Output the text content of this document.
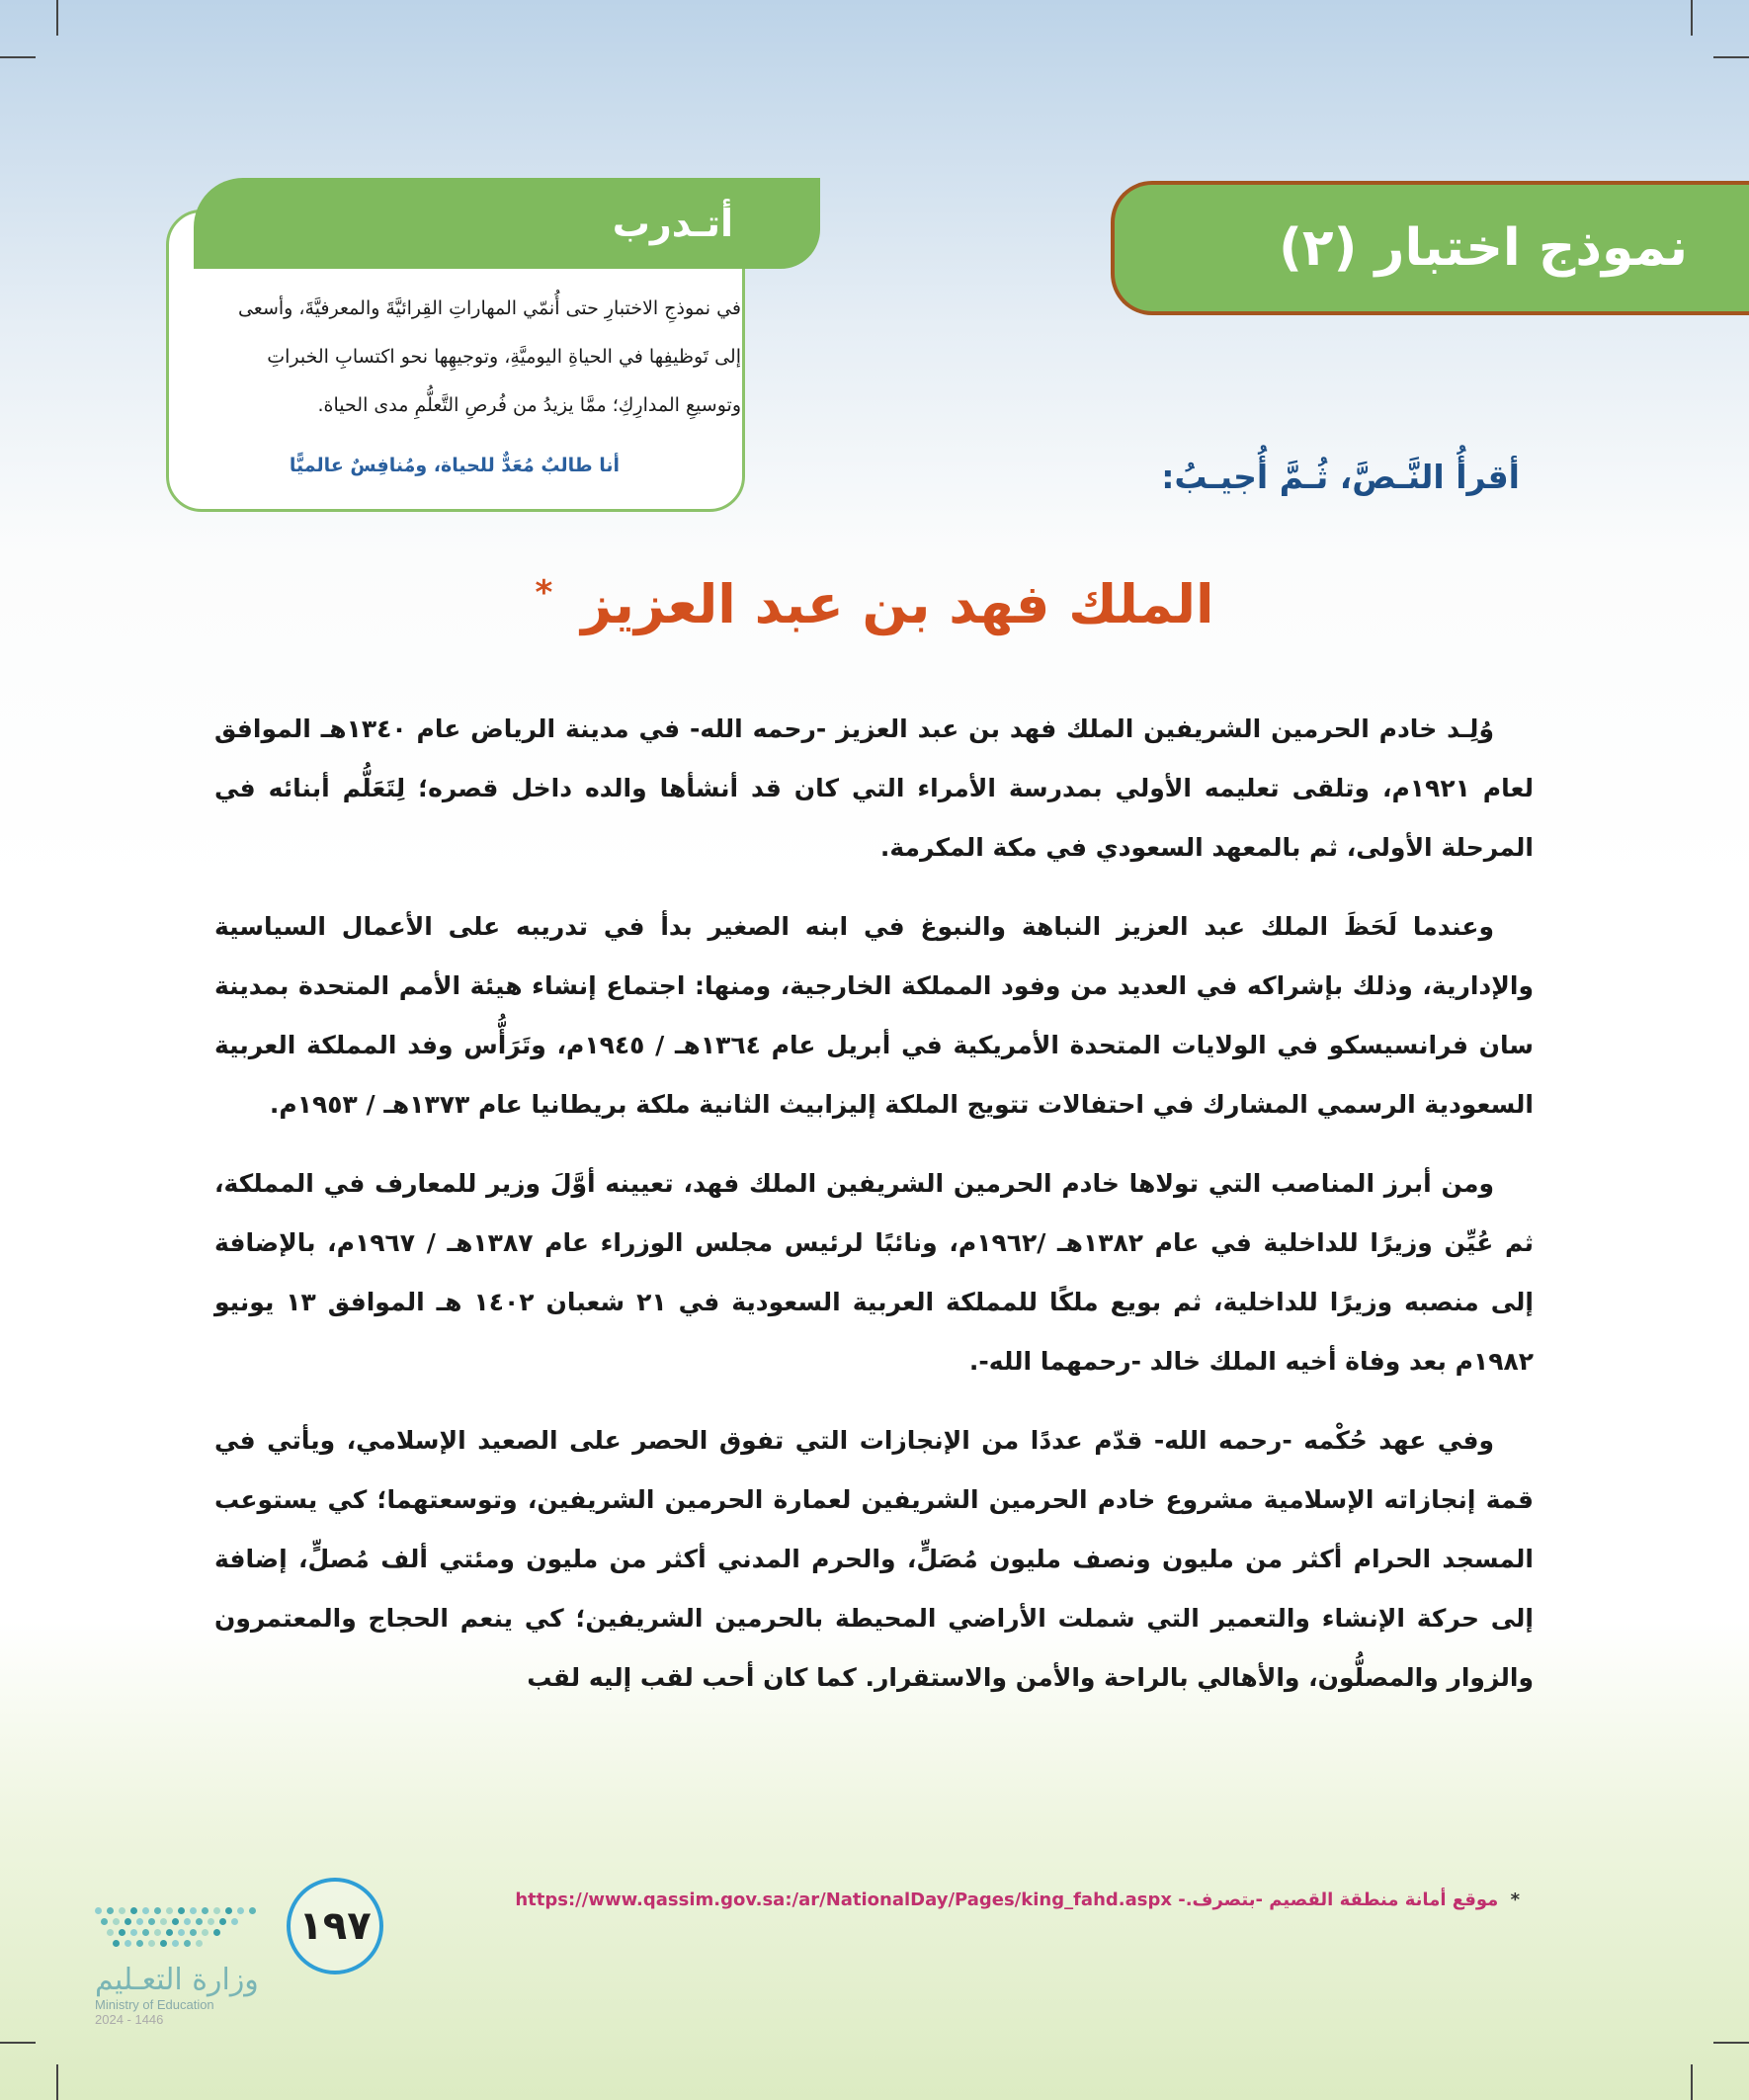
نموذج اختبار (٢)
أتـدرب

في نموذجِ الاختبارِ حتى أُنمّي المهاراتِ القِرائيَّةَ والمعرفيَّةَ، وأسعى

إلى تَوظيفِها في الحياةِ اليوميَّةِ، وتوجيهِها نحو اكتسابِ الخبراتِ

وتوسيعِ المدارِكِ؛ ممَّا يزيدُ من فُرصِ التَّعلُّمِ مدى الحياة.

أنا طالبٌ مُعَدٌّ للحياة، ومُنافِسٌ عالميًّا	أقرأُ النَّـصَّ، ثُـمَّ أُجيـبُ:
الملك فهد بن عبد العزيز *

وُلِـد خادم الحرمين الشريفين الملك فهد بن عبد العزيز -رحمه الله- في مدينة الرياض عام ١٣٤٠هـ الموافق لعام ١٩٢١م، وتلقى تعليمه الأولي بمدرسة الأمراء التي كان قد أنشأها والده داخل قصره؛ لِتَعَلُّم أبنائه في المرحلة الأولى، ثم بالمعهد السعودي في مكة المكرمة.

وعندما لَحَظَ الملك عبد العزيز النباهة والنبوغ في ابنه الصغير بدأ في تدريبه على الأعمال السياسية والإدارية، وذلك بإشراكه في العديد من وفود المملكة الخارجية، ومنها: اجتماع إنشاء هيئة الأمم المتحدة بمدينة سان فرانسيسكو في الولايات المتحدة الأمريكية في أبريل عام ١٣٦٤هـ / ١٩٤٥م، وتَرَأُّس وفد المملكة العربية السعودية الرسمي المشارك في احتفالات تتويج الملكة إليزابيث الثانية ملكة بريطانيا عام ١٣٧٣هـ / ١٩٥٣م.

ومن أبرز المناصب التي تولاها خادم الحرمين الشريفين الملك فهد، تعيينه أوَّلَ وزير للمعارف في المملكة، ثم عُيِّن وزيرًا للداخلية في عام ١٣٨٢هـ /١٩٦٢م، ونائبًا لرئيس مجلس الوزراء عام ١٣٨٧هـ / ١٩٦٧م، بالإضافة إلى منصبه وزيرًا للداخلية، ثم بويع ملكًا للمملكة العربية السعودية في ٢١ شعبان ١٤٠٢ هـ الموافق ١٣ يونيو ١٩٨٢م بعد وفاة أخيه الملك خالد -رحمهما الله-.

وفي عهد حُكْمه -رحمه الله- قدّم عددًا من الإنجازات التي تفوق الحصر على الصعيد الإسلامي، ويأتي في قمة إنجازاته الإسلامية مشروع خادم الحرمين الشريفين لعمارة الحرمين الشريفين، وتوسعتهما؛ كي يستوعب المسجد الحرام أكثر من مليون ونصف مليون مُصَلٍّ، والحرم المدني أكثر من مليون ومئتي ألف مُصلٍّ، إضافة إلى حركة الإنشاء والتعمير التي شملت الأراضي المحيطة بالحرمين الشريفين؛ كي ينعم الحجاج والمعتمرون والزوار والمصلُّون، والأهالي بالراحة والأمن والاستقرار. كما كان أحب لقب إليه لقب

* موقع أمانة منطقة القصيم -بتصرف.- https://www.qassim.gov.sa:/ar/NationalDay/Pages/king_fahd.aspx
١٩٧
وزارة التعـليم
Ministry of Education
2024 - 1446
